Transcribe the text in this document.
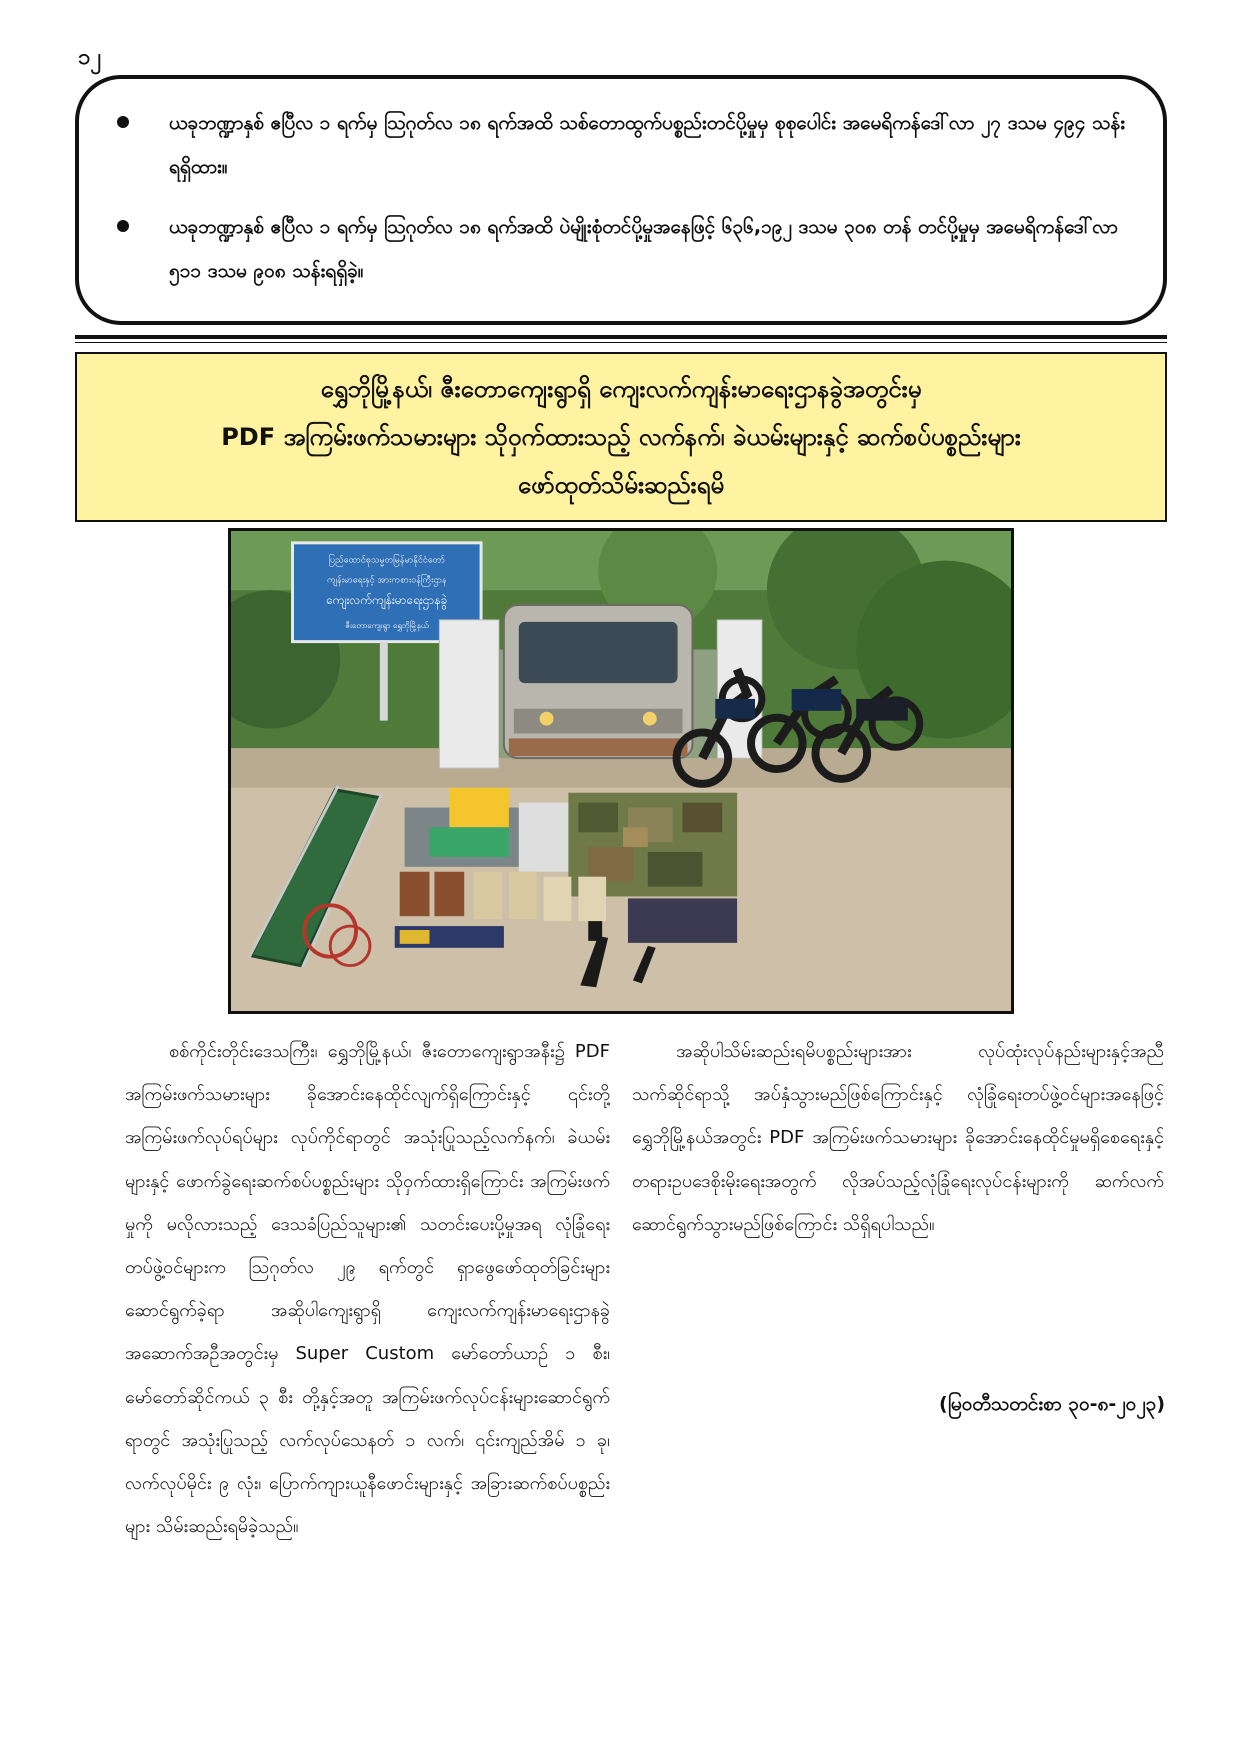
၁၂
ယခုဘဏ္ဍာနှစ် ဧပြီလ ၁ ရက်မှ ဩဂုတ်လ ၁၈ ရက်အထိ သစ်တောထွက်ပစ္စည်းတင်ပို့မှုမှ စုစုပေါင်း အမေရိကန်ဒေါ်လာ ၂၇ ဒသမ ၄၉၄ သန်းရရှိထား။
ယခုဘဏ္ဍာနှစ် ဧပြီလ ၁ ရက်မှ ဩဂုတ်လ ၁၈ ရက်အထိ ပဲမျိုးစုံတင်ပို့မှုအနေဖြင့် ၆၃၆,၁၉၂ ဒသမ ၃၀၈ တန် တင်ပို့မှုမှ အမေရိကန်ဒေါ်လာ ၅၁၁ ဒသမ ၉၀၈ သန်းရရှိခဲ့။
ရွှေဘိုမြို့နယ်၊ ဇီးတောကျေးရွာရှိ ကျေးလက်ကျန်းမာရေးဌာနခွဲအတွင်းမှ
PDF အကြမ်းဖက်သမားများ သိုဝှက်ထားသည့် လက်နက်၊ ခဲယမ်းများနှင့် ဆက်စပ်ပစ္စည်းများ
ဖော်ထုတ်သိမ်းဆည်းရမိ
ပြည်ထောင်စုသမ္မတမြန်မာနိုင်ငံတော်
ကျန်းမာရေးနှင့် အားကစားဝန်ကြီးဌာန
ကျေးလက်ကျန်းမာရေးဌာနခွဲ
ဇီးတောကျေးရွာ ရွှေဘိုမြို့နယ်

စစ်ကိုင်းတိုင်းဒေသကြီး၊ ရွှေဘိုမြို့နယ်၊ ဇီးတောကျေးရွာအနီး၌ PDF အကြမ်းဖက်သမားများ ခိုအောင်းနေထိုင်လျက်ရှိကြောင်းနှင့် ၎င်းတို့အကြမ်းဖက်လုပ်ရပ်များ လုပ်ကိုင်ရာတွင် အသုံးပြုသည့်လက်နက်၊ ခဲယမ်းများနှင့် ဖောက်ခွဲရေးဆက်စပ်ပစ္စည်းများ သိုဝှက်ထားရှိကြောင်း အကြမ်းဖက်မှုကို မလိုလားသည့် ဒေသခံပြည်သူများ၏ သတင်းပေးပို့မှုအရ လုံခြုံရေးတပ်ဖွဲ့ဝင်များက ဩဂုတ်လ ၂၉ ရက်တွင် ရှာဖွေဖော်ထုတ်ခြင်းများဆောင်ရွက်ခဲ့ရာ အဆိုပါကျေးရွာရှိ ကျေးလက်ကျန်းမာရေးဌာနခွဲ အဆောက်အဦအတွင်းမှ Super Custom မော်တော်ယာဉ် ၁ စီး၊ မော်တော်ဆိုင်ကယ် ၃ စီး တို့နှင့်အတူ အကြမ်းဖက်လုပ်ငန်းများဆောင်ရွက်ရာတွင် အသုံးပြုသည့် လက်လုပ်သေနတ် ၁ လက်၊ ၎င်းကျည်အိမ် ၁ ခု၊ လက်လုပ်မိုင်း ၉ လုံး၊ ပြောက်ကျားယူနီဖောင်းများနှင့် အခြားဆက်စပ်ပစ္စည်းများ သိမ်းဆည်းရမိခဲ့သည်။

အဆိုပါသိမ်းဆည်းရမိပစ္စည်းများအား လုပ်ထုံးလုပ်နည်းများနှင့်အညီ သက်ဆိုင်ရာသို့ အပ်နှံသွားမည်ဖြစ်ကြောင်းနှင့် လုံခြုံရေးတပ်ဖွဲ့ဝင်များအနေဖြင့် ရွှေဘိုမြို့နယ်အတွင်း PDF အကြမ်းဖက်သမားများ ခိုအောင်းနေထိုင်မှုမရှိစေရေးနှင့် တရားဥပဒေစိုးမိုးရေးအတွက် လိုအပ်သည့်လုံခြုံရေးလုပ်ငန်းများကို ဆက်လက်ဆောင်ရွက်သွားမည်ဖြစ်ကြောင်း သိရှိရပါသည်။

(မြဝတီသတင်းစာ ၃၀-၈-၂၀၂၃)
